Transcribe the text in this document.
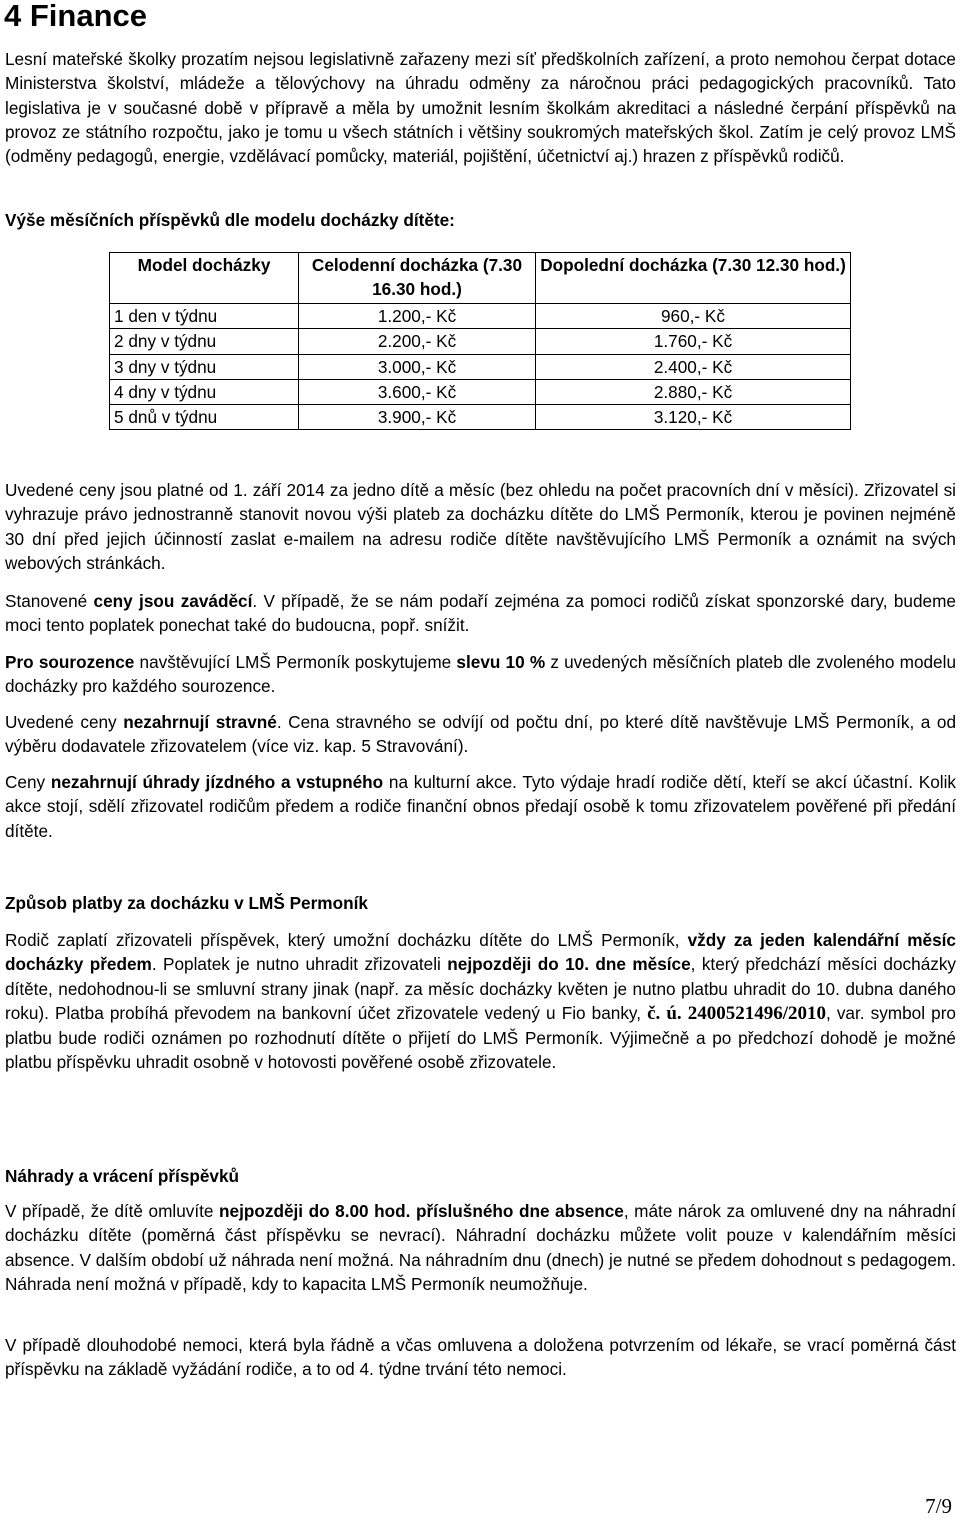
4 Finance

Lesní mateřské školky prozatím nejsou legislativně zařazeny mezi síť předškolních zařízení, a proto nemohou čerpat dotace Ministerstva školství, mládeže a tělovýchovy na úhradu odměny za náročnou práci pedagogických pracovníků. Tato legislativa je v současné době v přípravě a měla by umožnit lesním školkám akreditaci a následné čerpání příspěvků na provoz ze státního rozpočtu, jako je tomu u všech státních i většiny soukromých mateřských škol. Zatím je celý provoz LMŠ (odměny pedagogů, energie, vzdělávací pomůcky, materiál, pojištění, účetnictví aj.) hrazen z příspěvků rodičů.

Výše měsíčních příspěvků dle modelu docházky dítěte:

Model docházky	Celodenní docházka (7.30 16.30 hod.)	Dopolední docházka (7.30 12.30 hod.)
1 den v týdnu	1.200,- Kč	960,- Kč
2 dny v týdnu	2.200,- Kč	1.760,- Kč
3 dny v týdnu	3.000,- Kč	2.400,- Kč
4 dny v týdnu	3.600,- Kč	2.880,- Kč
5 dnů v týdnu	3.900,- Kč	3.120,- Kč

Uvedené ceny jsou platné od 1. září 2014 za jedno dítě a měsíc (bez ohledu na počet pracovních dní v měsíci). Zřizovatel si vyhrazuje právo jednostranně stanovit novou výši plateb za docházku dítěte do LMŠ Permoník, kterou je povinen nejméně 30 dní před jejich účinností zaslat e-mailem na adresu rodiče dítěte navštěvujícího LMŠ Permoník a oznámit na svých webových stránkách.

Stanovené ceny jsou zaváděcí. V případě, že se nám podaří zejména za pomoci rodičů získat sponzorské dary, budeme moci tento poplatek ponechat také do budoucna, popř. snížit.

Pro sourozence navštěvující LMŠ Permoník poskytujeme slevu 10 % z uvedených měsíčních plateb dle zvoleného modelu docházky pro každého sourozence.

Uvedené ceny nezahrnují stravné. Cena stravného se odvíjí od počtu dní, po které dítě navštěvuje LMŠ Permoník, a od výběru dodavatele zřizovatelem (více viz. kap. 5 Stravování).

Ceny nezahrnují úhrady jízdného a vstupného na kulturní akce. Tyto výdaje hradí rodiče dětí, kteří se akcí účastní. Kolik akce stojí, sdělí zřizovatel rodičům předem a rodiče finanční obnos předají osobě k tomu zřizovatelem pověřené při předání dítěte.

Způsob platby za docházku v LMŠ Permoník

Rodič zaplatí zřizovateli příspěvek, který umožní docházku dítěte do LMŠ Permoník, vždy za jeden kalendářní měsíc docházky předem. Poplatek je nutno uhradit zřizovateli nejpozději do 10. dne měsíce, který předchází měsíci docházky dítěte, nedohodnou-li se smluvní strany jinak (např. za měsíc docházky květen je nutno platbu uhradit do 10. dubna daného roku). Platba probíhá převodem na bankovní účet zřizovatele vedený u Fio banky, č. ú. 2400521496/2010, var. symbol pro platbu bude rodiči oznámen po rozhodnutí dítěte o přijetí do LMŠ Permoník. Výjimečně a po předchozí dohodě je možné platbu příspěvku uhradit osobně v hotovosti pověřené osobě zřizovatele.

Náhrady a vrácení příspěvků

V případě, že dítě omluvíte nejpozději do 8.00 hod. příslušného dne absence, máte nárok za omluvené dny na náhradní docházku dítěte (poměrná část příspěvku se nevrací). Náhradní docházku můžete volit pouze v kalendářním měsíci absence. V dalším období už náhrada není možná. Na náhradním dnu (dnech) je nutné se předem dohodnout s pedagogem. Náhrada není možná v případě, kdy to kapacita LMŠ Permoník neumožňuje.

V případě dlouhodobé nemoci, která byla řádně a včas omluvena a doložena potvrzením od lékaře, se vrací poměrná část příspěvku na základě vyžádání rodiče, a to od 4. týdne trvání této nemoci.

7/9
